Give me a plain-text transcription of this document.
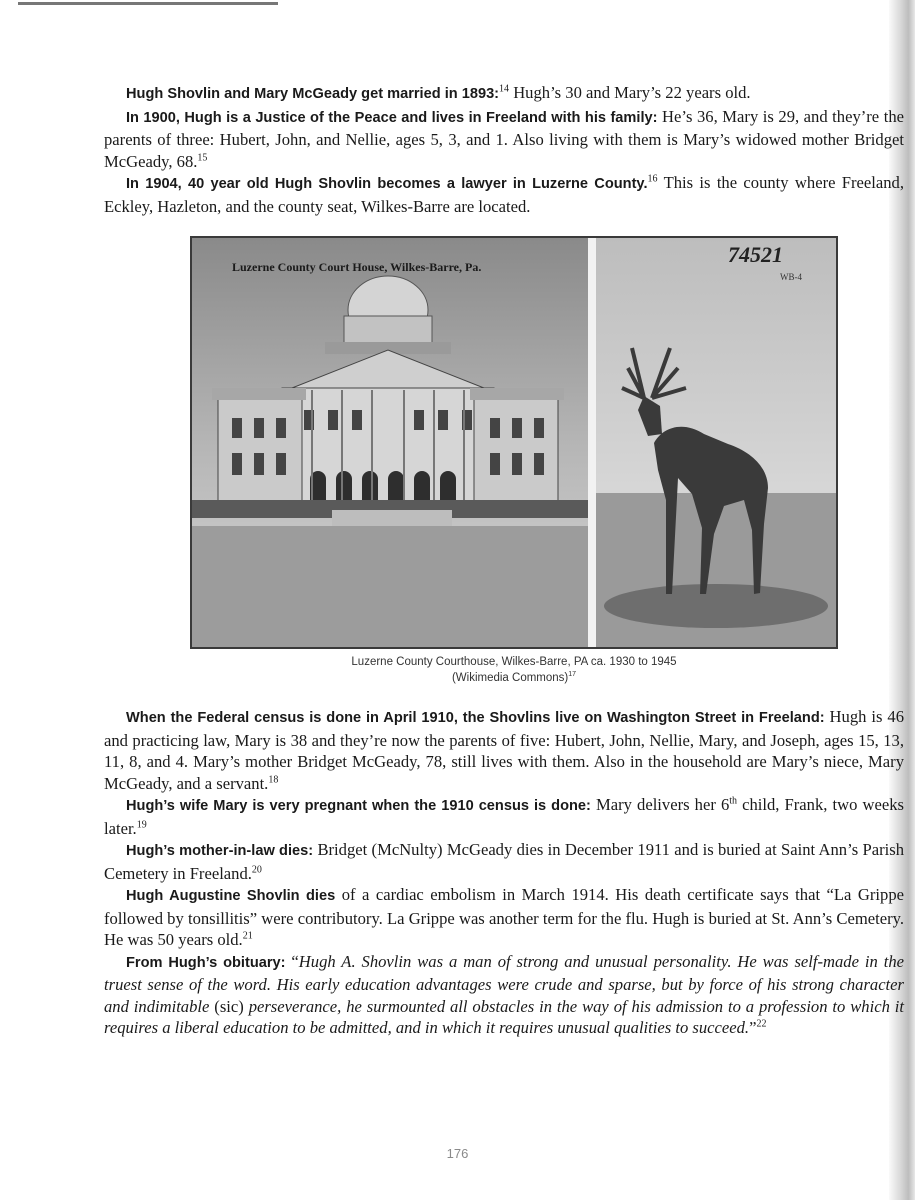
Hugh Shovlin and Mary McGeady get married in 1893:$^{14}$ Hugh’s 30 and Mary’s 22 years old.

In 1900, Hugh is a Justice of the Peace and lives in Freeland with his family: He’s 36, Mary is 29, and they’re the parents of three: Hubert, John, and Nellie, ages 5, 3, and 1. Also living with them is Mary’s widowed mother Bridget McGeady, 68.15

In 1904, 40 year old Hugh Shovlin becomes a lawyer in Luzerne County.$^{16}$ This is the county where Freeland, Eckley, Hazleton, and the county seat, Wilkes-Barre are located.

Luzerne County Court House, Wilkes-Barre, Pa.	74521
WB-4
Luzerne County Courthouse, Wilkes-Barre, PA ca. 1930 to 1945
(Wikimedia Commons)$^{17}$

When the Federal census is done in April 1910, the Shovlins live on Washington Street in Freeland: Hugh is 46 and practicing law, Mary is 38 and they’re now the parents of five: Hubert, John, Nellie, Mary, and Joseph, ages 15, 13, 11, 8, and 4. Mary’s mother Bridget McGeady, 78, still lives with them. Also in the household are Mary’s niece, Mary McGeady, and a servant.$^{18}$

Hugh’s wife Mary is very pregnant when the 1910 census is done: Mary delivers her 6th child, Frank, two weeks later.$^{19}$

Hugh’s mother-in-law dies: Bridget (McNulty) McGeady dies in December 1911 and is buried at Saint Ann’s Parish Cemetery in Freeland.$^{20}$

Hugh Augustine Shovlin dies of a cardiac embolism in March 1914. His death certificate says that “La Grippe followed by tonsillitis” were contributory. La Grippe was another term for the flu. Hugh is buried at St. Ann’s Cemetery. He was 50 years old.$^{21}$

From Hugh’s obituary: “Hugh A. Shovlin was a man of strong and unusual personality. He was self-made in the truest sense of the word. His early education advantages were crude and sparse, but by force of his strong character and indimitable (sic) perseverance, he surmounted all obstacles in the way of his admission to a profession to which it requires a liberal education to be admitted, and in which it requires unusual qualities to succeed.”$^{22}$

176
